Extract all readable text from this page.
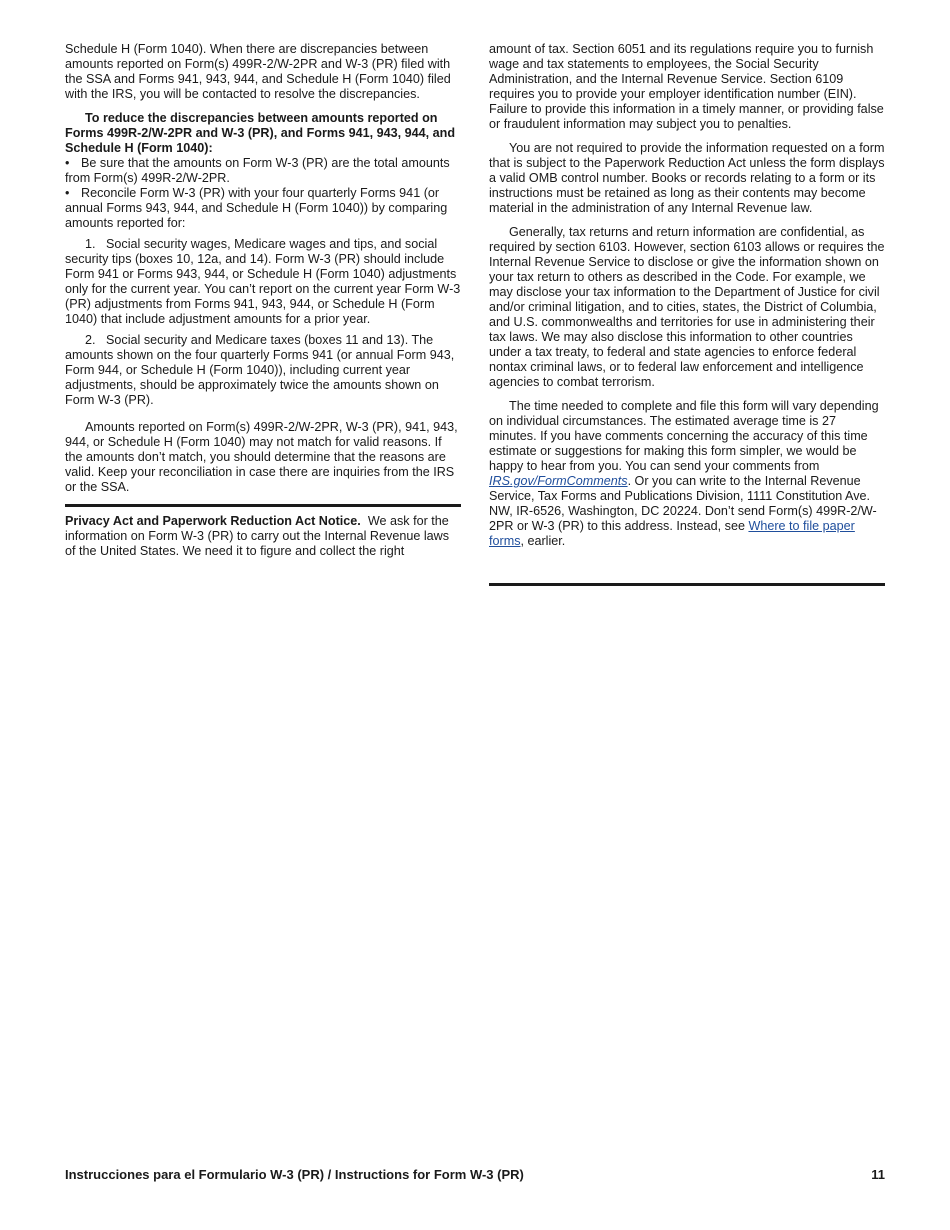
Schedule H (Form 1040). When there are discrepancies between amounts reported on Form(s) 499R-2/W-2PR and W-3 (PR) filed with the SSA and Forms 941, 943, 944, and Schedule H (Form 1040) filed with the IRS, you will be contacted to resolve the discrepancies.

To reduce the discrepancies between amounts reported on Forms 499R-2/W-2PR and W-3 (PR), and Forms 941, 943, 944, and Schedule H (Form 1040):

• Be sure that the amounts on Form W-3 (PR) are the total amounts from Form(s) 499R-2/W-2PR.

• Reconcile Form W-3 (PR) with your four quarterly Forms 941 (or annual Forms 943, 944, and Schedule H (Form 1040)) by comparing amounts reported for:

1. Social security wages, Medicare wages and tips, and social security tips (boxes 10, 12a, and 14). Form W-3 (PR) should include Form 941 or Forms 943, 944, or Schedule H (Form 1040) adjustments only for the current year. You can’t report on the current year Form W-3 (PR) adjustments from Forms 941, 943, 944, or Schedule H (Form 1040) that include adjustment amounts for a prior year.

2. Social security and Medicare taxes (boxes 11 and 13). The amounts shown on the four quarterly Forms 941 (or annual Form 943, Form 944, or Schedule H (Form 1040)), including current year adjustments, should be approximately twice the amounts shown on Form W-3 (PR).

Amounts reported on Form(s) 499R-2/W-2PR, W-3 (PR), 941, 943, 944, or Schedule H (Form 1040) may not match for valid reasons. If the amounts don’t match, you should determine that the reasons are valid. Keep your reconciliation in case there are inquiries from the IRS or the SSA.

Privacy Act and Paperwork Reduction Act Notice. We ask for the information on Form W-3 (PR) to carry out the Internal Revenue laws of the United States. We need it to figure and collect the right

amount of tax. Section 6051 and its regulations require you to furnish wage and tax statements to employees, the Social Security Administration, and the Internal Revenue Service. Section 6109 requires you to provide your employer identification number (EIN). Failure to provide this information in a timely manner, or providing false or fraudulent information may subject you to penalties.

You are not required to provide the information requested on a form that is subject to the Paperwork Reduction Act unless the form displays a valid OMB control number. Books or records relating to a form or its instructions must be retained as long as their contents may become material in the administration of any Internal Revenue law.

Generally, tax returns and return information are confidential, as required by section 6103. However, section 6103 allows or requires the Internal Revenue Service to disclose or give the information shown on your tax return to others as described in the Code. For example, we may disclose your tax information to the Department of Justice for civil and/or criminal litigation, and to cities, states, the District of Columbia, and U.S. commonwealths and territories for use in administering their tax laws. We may also disclose this information to other countries under a tax treaty, to federal and state agencies to enforce federal nontax criminal laws, or to federal law enforcement and intelligence agencies to combat terrorism.

The time needed to complete and file this form will vary depending on individual circumstances. The estimated average time is 27 minutes. If you have comments concerning the accuracy of this time estimate or suggestions for making this form simpler, we would be happy to hear from you. You can send your comments from IRS.gov/FormComments. Or you can write to the Internal Revenue Service, Tax Forms and Publications Division, 1111 Constitution Ave. NW, IR-6526, Washington, DC 20224. Don’t send Form(s) 499R-2/W-2PR or W-3 (PR) to this address. Instead, see Where to file paper forms, earlier.

Instrucciones para el Formulario W-3 (PR) / Instructions for Form W-3 (PR)	11
